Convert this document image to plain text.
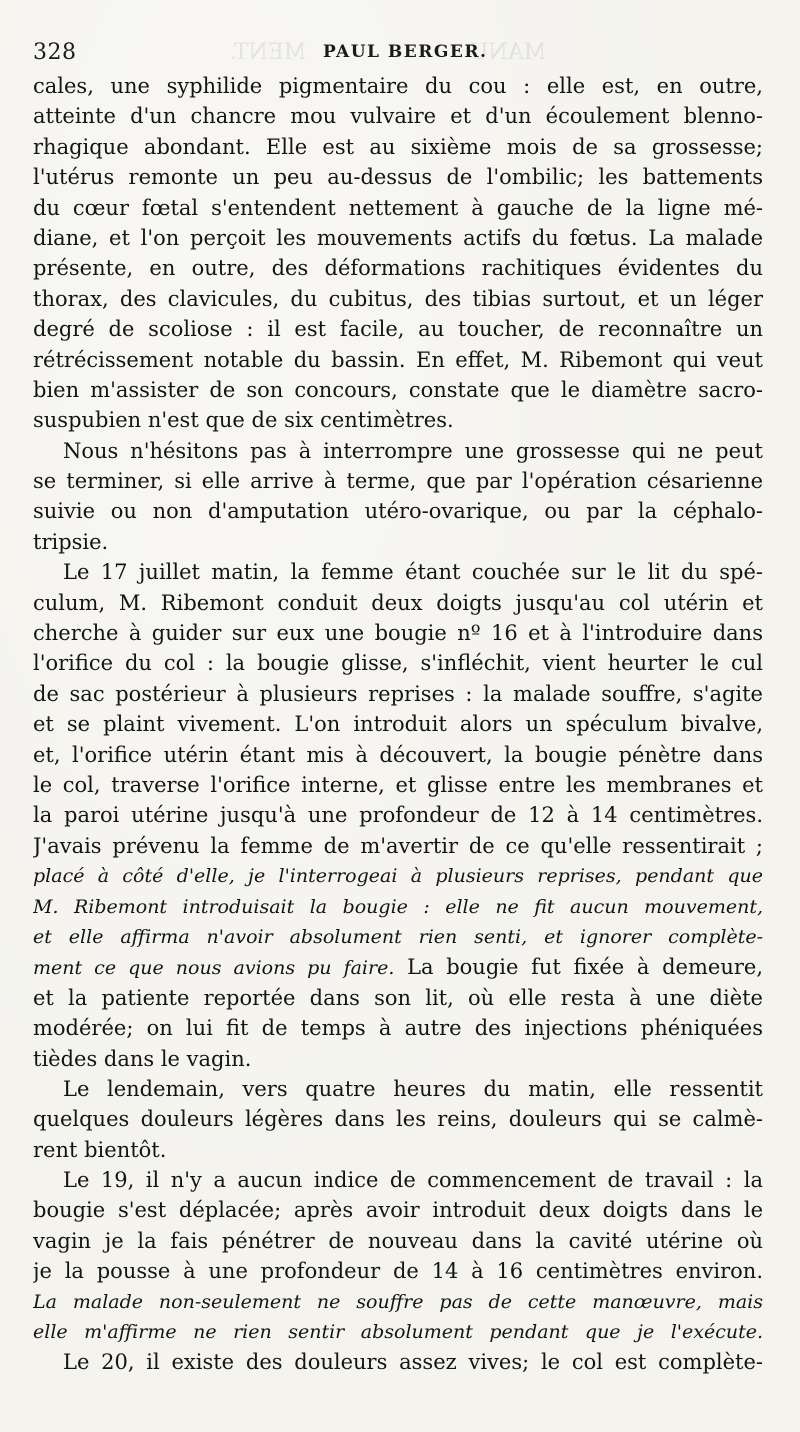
MENT.	MANU
328	PAUL BERGER.
cales, une syphilide pigmentaire du cou : elle est, en outre,
atteinte d'un chancre mou vulvaire et d'un écoulement blenno-
rhagique abondant. Elle est au sixième mois de sa grossesse;
l'utérus remonte un peu au-dessus de l'ombilic; les battements
du cœur fœtal s'entendent nettement à gauche de la ligne mé-
diane, et l'on perçoit les mouvements actifs du fœtus. La malade
présente, en outre, des déformations rachitiques évidentes du
thorax, des clavicules, du cubitus, des tibias surtout, et un léger
degré de scoliose : il est facile, au toucher, de reconnaître un
rétrécissement notable du bassin. En effet, M. Ribemont qui veut
bien m'assister de son concours, constate que le diamètre sacro-
suspubien n'est que de six centimètres.
Nous n'hésitons pas à interrompre une grossesse qui ne peut
se terminer, si elle arrive à terme, que par l'opération césarienne
suivie ou non d'amputation utéro-ovarique, ou par la céphalo-
tripsie.
Le 17 juillet matin, la femme étant couchée sur le lit du spé-
culum, M. Ribemont conduit deux doigts jusqu'au col utérin et
cherche à guider sur eux une bougie nº 16 et à l'introduire dans
l'orifice du col : la bougie glisse, s'infléchit, vient heurter le cul
de sac postérieur à plusieurs reprises : la malade souffre, s'agite
et se plaint vivement. L'on introduit alors un spéculum bivalve,
et, l'orifice utérin étant mis à découvert, la bougie pénètre dans
le col, traverse l'orifice interne, et glisse entre les membranes et
la paroi utérine jusqu'à une profondeur de 12 à 14 centimètres.
J'avais prévenu la femme de m'avertir de ce qu'elle ressentirait ;
placé à côté d'elle, je l'interrogeai à plusieurs reprises, pendant que
M. Ribemont introduisait la bougie : elle ne fit aucun mouvement,
et elle affirma n'avoir absolument rien senti, et ignorer complète-
ment ce que nous avions pu faire. La bougie fut fixée à demeure,
et la patiente reportée dans son lit, où elle resta à une diète
modérée; on lui fit de temps à autre des injections phéniquées
tièdes dans le vagin.
Le lendemain, vers quatre heures du matin, elle ressentit
quelques douleurs légères dans les reins, douleurs qui se calmè-
rent bientôt.
Le 19, il n'y a aucun indice de commencement de travail : la
bougie s'est déplacée; après avoir introduit deux doigts dans le
vagin je la fais pénétrer de nouveau dans la cavité utérine où
je la pousse à une profondeur de 14 à 16 centimètres environ.
La malade non-seulement ne souffre pas de cette manœuvre, mais
elle m'affirme ne rien sentir absolument pendant que je l'exécute.
Le 20, il existe des douleurs assez vives; le col est complète-
